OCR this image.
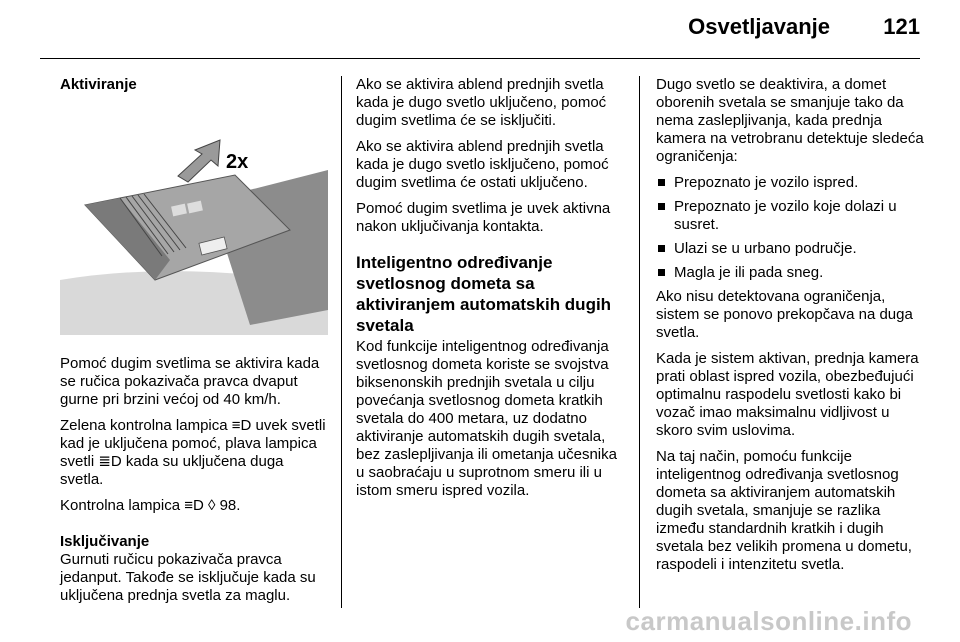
Osvetljavanje 121
Aktiviranje
2x

Pomoć dugim svetlima se aktivira kada se ručica pokazivača pravca dvaput gurne pri brzini većoj od 40 km/h.

Zelena kontrolna lampica ≡D uvek svetli kad je uključena pomoć, plava lampica svetli ≣D kada su uključena duga svetla.

Kontrolna lampica ≡D ◊ 98.

Isključivanje

Gurnuti ručicu pokazivača pravca jedanput. Takođe se isključuje kada su uključena prednja svetla za maglu.

Ako se aktivira ablend prednjih svetla kada je dugo svetlo uključeno, pomoć dugim svetlima će se isključiti.

Ako se aktivira ablend prednjih svetla kada je dugo svetlo isključeno, pomoć dugim svetlima će ostati uključeno.

Pomoć dugim svetlima je uvek aktivna nakon uključivanja kontakta.

Inteligentno određivanje svetlosnog dometa sa aktiviranjem automatskih dugih svetala

Kod funkcije inteligentnog određivanja svetlosnog dometa koriste se svojstva biksenonskih prednjih svetala u cilju povećanja svetlosnog dometa kratkih svetala do 400 metara, uz dodatno aktiviranje automatskih dugih svetala, bez zaslepljivanja ili ometanja učesnika u saobraćaju u suprotnom smeru ili u istom smeru ispred vozila.

Dugo svetlo se deaktivira, a domet oborenih svetala se smanjuje tako da nema zaslepljivanja, kada prednja kamera na vetrobranu detektuje sledeća ograničenja:

Prepoznato je vozilo ispred.
Prepoznato je vozilo koje dolazi u susret.
Ulazi se u urbano područje.
Magla je ili pada sneg.

Ako nisu detektovana ograničenja, sistem se ponovo prekopčava na duga svetla.

Kada je sistem aktivan, prednja kamera prati oblast ispred vozila, obezbeđujući optimalnu raspodelu svetlosti kako bi vozač imao maksimalnu vidljivost u skoro svim uslovima.

Na taj način, pomoću funkcije inteligentnog određivanja svetlosnog dometa sa aktiviranjem automatskih dugih svetala, smanjuje se razlika između standardnih kratkih i dugih svetala bez velikih promena u dometu, raspodeli i intenzitetu svetla.

carmanualsonline.info
